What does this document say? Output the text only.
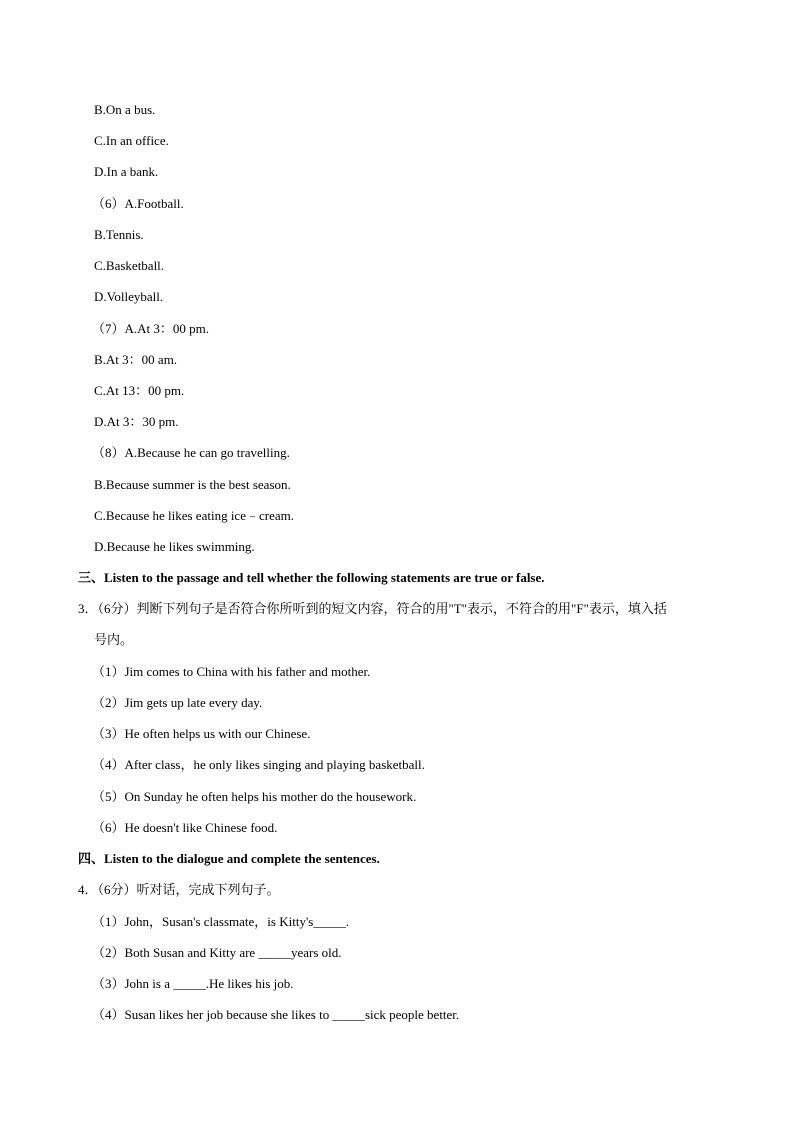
B.On a bus.
C.In an office.
D.In a bank.
（6）A.Football.
B.Tennis.
C.Basketball.
D.Volleyball.
（7）A.At 3：00 pm.
B.At 3：00 am.
C.At 13：00 pm.
D.At 3：30 pm.
（8）A.Because he can go travelling.
B.Because summer is the best season.
C.Because he likes eating ice﹣cream.
D.Because he likes swimming.
三、Listen to the passage and tell whether the following statements are true or false.
3．（6分）判断下列句子是否符合你所听到的短文内容，符合的用"T"表示，不符合的用"F"表示，填入括
号内。
（1）Jim comes to China with his father and mother.
（2）Jim gets up late every day.
（3）He often helps us with our Chinese.
（4）After class，he only likes singing and playing basketball.
（5）On Sunday he often helps his mother do the housework.
（6）He doesn't like Chinese food.
四、Listen to the dialogue and complete the sentences.
4．（6分）听对话，完成下列句子。
（1）John，Susan's classmate，is Kitty's_____.
（2）Both Susan and Kitty are _____years old.
（3）John is a _____.He likes his job.
（4）Susan likes her job because she likes to _____sick people better.
